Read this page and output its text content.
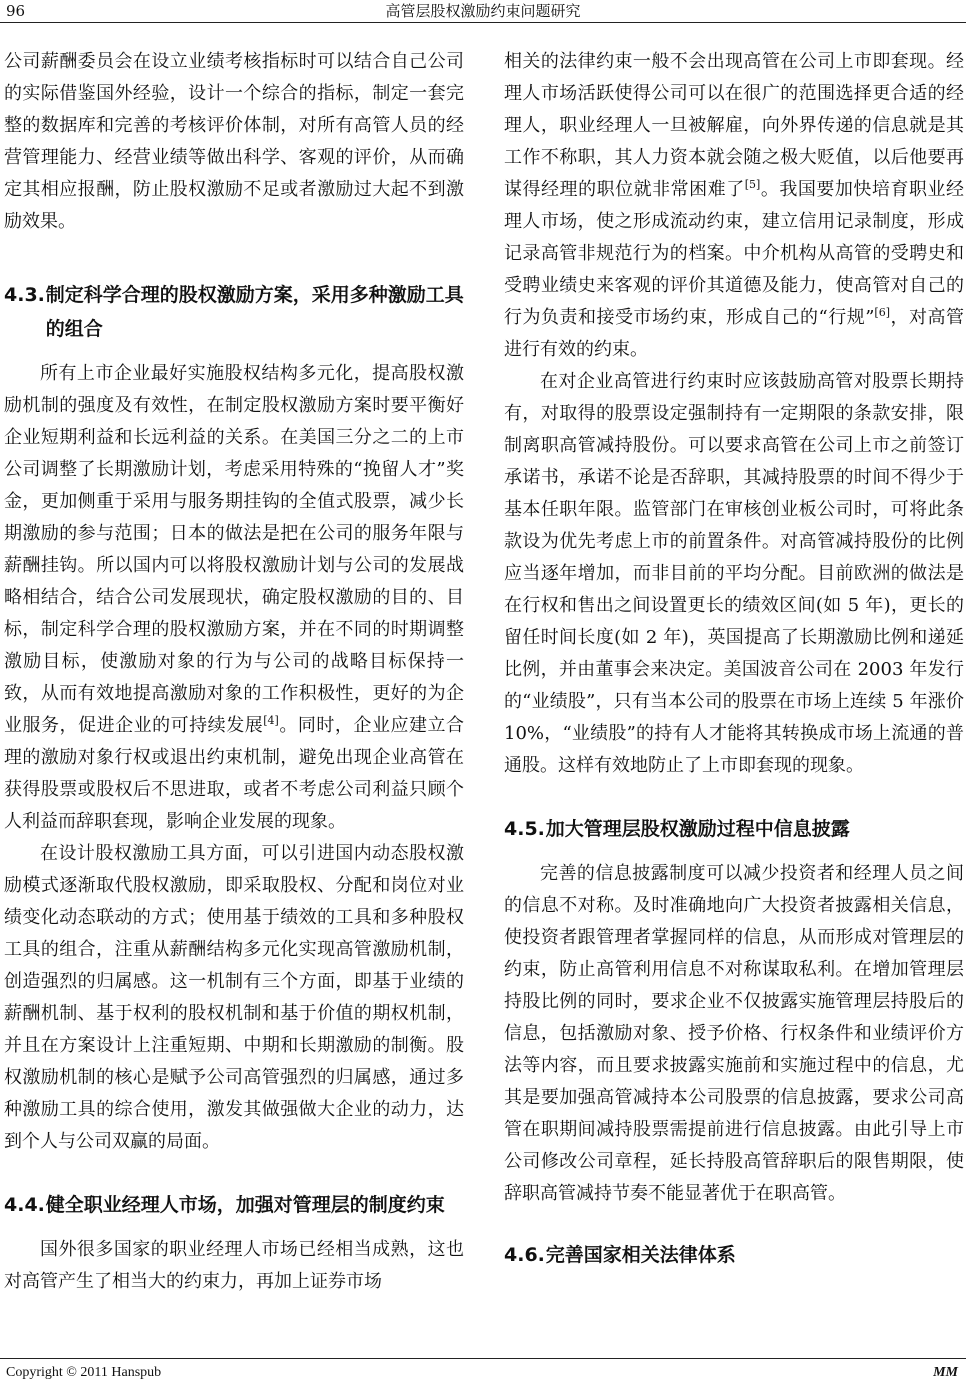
96	高管层股权激励约束问题研究

公司薪酬委员会在设立业绩考核指标时可以结合自己公司的实际借鉴国外经验，设计一个综合的指标，制定一套完整的数据库和完善的考核评价体制，对所有高管人员的经营管理能力、经营业绩等做出科学、客观的评价，从而确定其相应报酬，防止股权激励不足或者激励过大起不到激励效果。

4.3.制定科学合理的股权激励方案，采用多种激励工具的组合

所有上市企业最好实施股权结构多元化，提高股权激励机制的强度及有效性，在制定股权激励方案时要平衡好企业短期利益和长远利益的关系。在美国三分之二的上市公司调整了长期激励计划，考虑采用特殊的“挽留人才”奖金，更加侧重于采用与服务期挂钩的全值式股票，减少长期激励的参与范围；日本的做法是把在公司的服务年限与薪酬挂钩。所以国内可以将股权激励计划与公司的发展战略相结合，结合公司发展现状，确定股权激励的目的、目标，制定科学合理的股权激励方案，并在不同的时期调整激励目标，使激励对象的行为与公司的战略目标保持一致，从而有效地提高激励对象的工作积极性，更好的为企业服务，促进企业的可持续发展[4]。同时，企业应建立合理的激励对象行权或退出约束机制，避免出现企业高管在获得股票或股权后不思进取，或者不考虑公司利益只顾个人利益而辞职套现，影响企业发展的现象。

在设计股权激励工具方面，可以引进国内动态股权激励模式逐渐取代股权激励，即采取股权、分配和岗位对业绩变化动态联动的方式；使用基于绩效的工具和多种股权工具的组合，注重从薪酬结构多元化实现高管激励机制，创造强烈的归属感。这一机制有三个方面，即基于业绩的薪酬机制、基于权利的股权机制和基于价值的期权机制，并且在方案设计上注重短期、中期和长期激励的制衡。股权激励机制的核心是赋予公司高管强烈的归属感，通过多种激励工具的综合使用，激发其做强做大企业的动力，达到个人与公司双赢的局面。

4.4.健全职业经理人市场，加强对管理层的制度约束

国外很多国家的职业经理人市场已经相当成熟，这也对高管产生了相当大的约束力，再加上证券市场

相关的法律约束一般不会出现高管在公司上市即套现。经理人市场活跃使得公司可以在很广的范围选择更合适的经理人，职业经理人一旦被解雇，向外界传递的信息就是其工作不称职，其人力资本就会随之极大贬值，以后他要再谋得经理的职位就非常困难了[5]。我国要加快培育职业经理人市场，使之形成流动约束，建立信用记录制度，形成记录高管非规范行为的档案。中介机构从高管的受聘史和受聘业绩史来客观的评价其道德及能力，使高管对自己的行为负责和接受市场约束，形成自己的“行规”[6]，对高管进行有效的约束。

在对企业高管进行约束时应该鼓励高管对股票长期持有，对取得的股票设定强制持有一定期限的条款安排，限制离职高管减持股份。可以要求高管在公司上市之前签订承诺书，承诺不论是否辞职，其减持股票的时间不得少于基本任职年限。监管部门在审核创业板公司时，可将此条款设为优先考虑上市的前置条件。对高管减持股份的比例应当逐年增加，而非目前的平均分配。目前欧洲的做法是在行权和售出之间设置更长的绩效区间(如 5 年)，更长的留任时间长度(如 2 年)，英国提高了长期激励比例和递延比例，并由董事会来决定。美国波音公司在 2003 年发行的“业绩股”，只有当本公司的股票在市场上连续 5 年涨价 10%，“业绩股”的持有人才能将其转换成市场上流通的普通股。这样有效地防止了上市即套现的现象。

4.5.加大管理层股权激励过程中信息披露

完善的信息披露制度可以减少投资者和经理人员之间的信息不对称。及时准确地向广大投资者披露相关信息，使投资者跟管理者掌握同样的信息，从而形成对管理层的约束，防止高管利用信息不对称谋取私利。在增加管理层持股比例的同时，要求企业不仅披露实施管理层持股后的信息，包括激励对象、授予价格、行权条件和业绩评价方法等内容，而且要求披露实施前和实施过程中的信息，尤其是要加强高管减持本公司股票的信息披露，要求公司高管在职期间减持股票需提前进行信息披露。由此引导上市公司修改公司章程，延长持股高管辞职后的限售期限，使辞职高管减持节奏不能显著优于在职高管。

4.6.完善国家相关法律体系
Copyright © 2011 Hanspub	MM
